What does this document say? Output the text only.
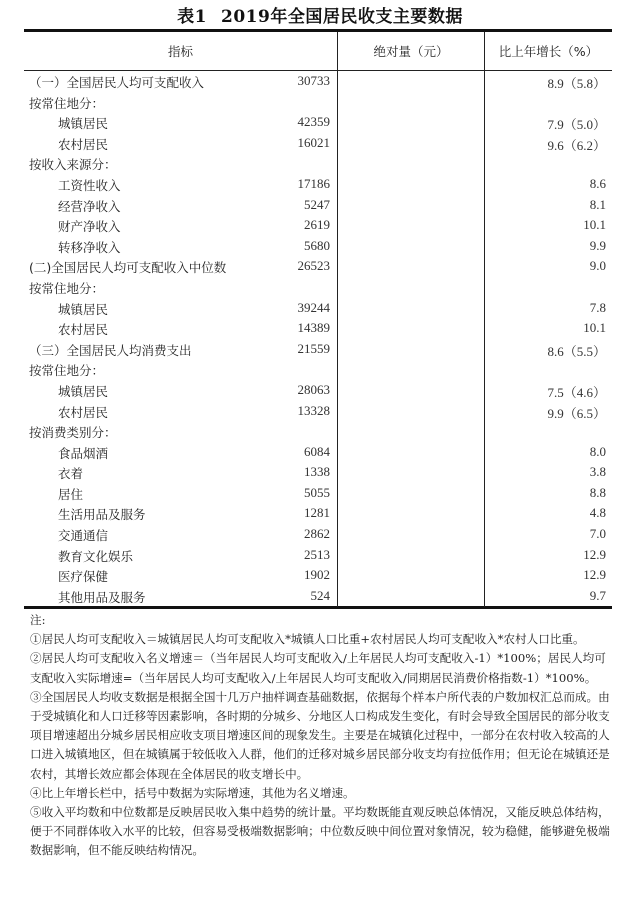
表1 2019年全国居民收支主要数据
指标	绝对量（元）	比上年增长（%）
（一）全国居民人均可支配收入	30733	8.9（5.8）
按常住地分：
城镇居民	42359	7.9（5.0）
农村居民	16021	9.6（6.2）
按收入来源分：
工资性收入	17186	8.6
经营净收入	5247	8.1
财产净收入	2619	10.1
转移净收入	5680	9.9
(二)全国居民人均可支配收入中位数	26523	9.0
按常住地分：
城镇居民	39244	7.8
农村居民	14389	10.1
（三）全国居民人均消费支出	21559	8.6（5.5）
按常住地分：
城镇居民	28063	7.5（4.6）
农村居民	13328	9.9（6.5）
按消费类别分：
食品烟酒	6084	8.0
衣着	1338	3.8
居住	5055	8.8
生活用品及服务	1281	4.8
交通通信	2862	7.0
教育文化娱乐	2513	12.9
医疗保健	1902	12.9
其他用品及服务	524	9.7

注:

①居民人均可支配收入＝城镇居民人均可支配收入*城镇人口比重+农村居民人均可支配收入*农村人口比重。

②居民人均可支配收入名义增速＝（当年居民人均可支配收入/上年居民人均可支配收入-1）*100%；居民人均可支配收入实际增速=（当年居民人均可支配收入/上年居民人均可支配收入/同期居民消费价格指数-1）*100%。

③全国居民人均收支数据是根据全国十几万户抽样调查基础数据，依据每个样本户所代表的户数加权汇总而成。由于受城镇化和人口迁移等因素影响，各时期的分城乡、分地区人口构成发生变化，有时会导致全国居民的部分收支项目增速超出分城乡居民相应收支项目增速区间的现象发生。主要是在城镇化过程中，一部分在农村收入较高的人口进入城镇地区，但在城镇属于较低收入人群，他们的迁移对城乡居民部分收支均有拉低作用；但无论在城镇还是农村，其增长效应都会体现在全体居民的收支增长中。

④比上年增长栏中，括号中数据为实际增速，其他为名义增速。

⑤收入平均数和中位数都是反映居民收入集中趋势的统计量。平均数既能直观反映总体情况，又能反映总体结构，便于不同群体收入水平的比较，但容易受极端数据影响；中位数反映中间位置对象情况，较为稳健，能够避免极端数据影响，但不能反映结构情况。
